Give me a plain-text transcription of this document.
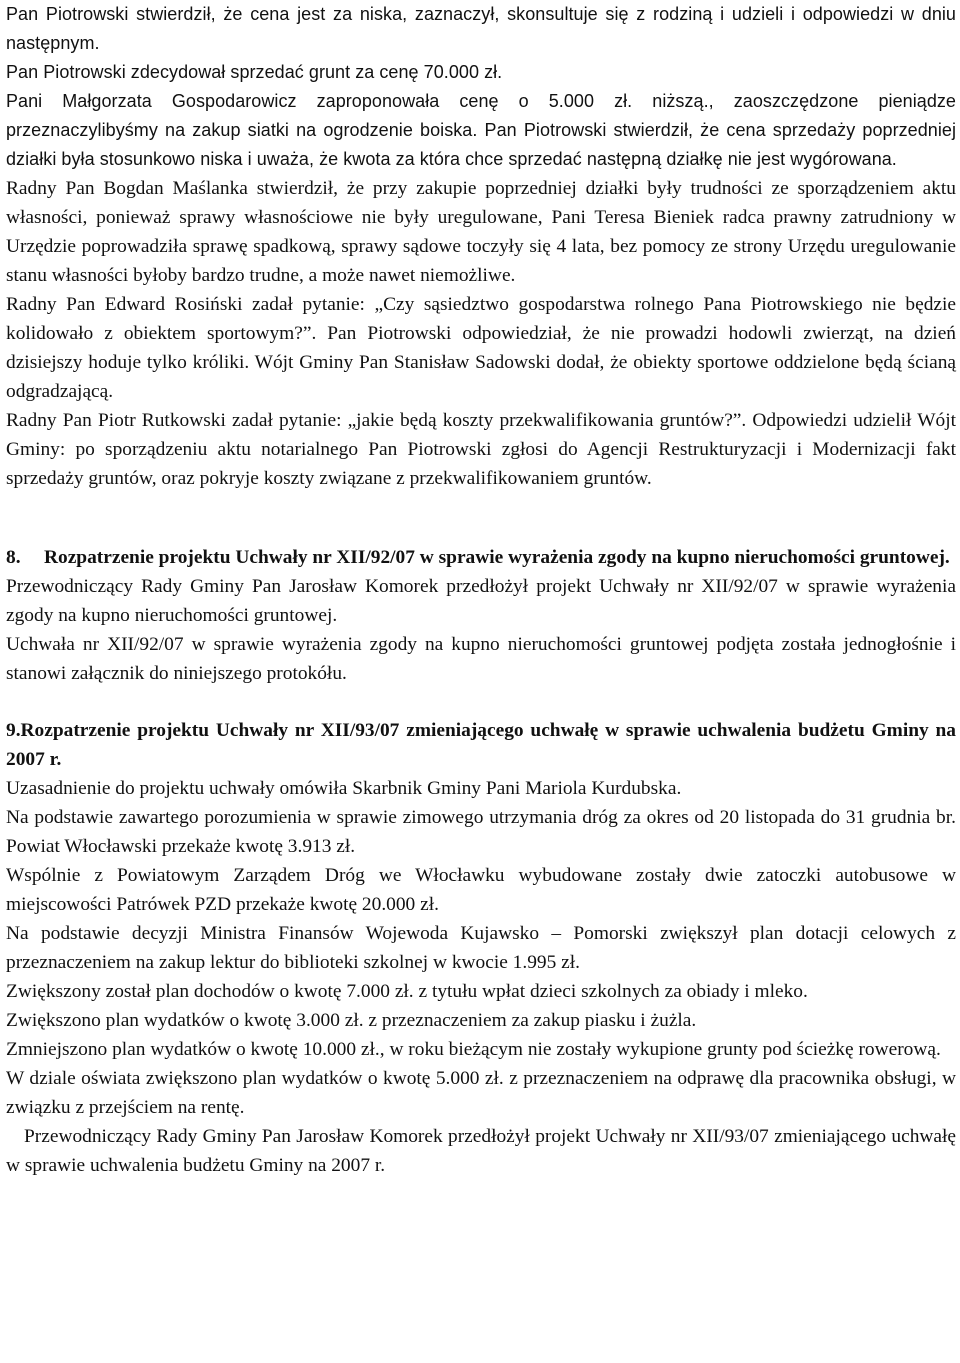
Pan Piotrowski stwierdził, że cena jest za niska, zaznaczył, skonsultuje się z rodziną i udzieli i odpowiedzi w dniu następnym.

Pan Piotrowski zdecydował sprzedać grunt za cenę 70.000 zł.

Pani Małgorzata Gospodarowicz zaproponowała cenę o 5.000 zł. niższą., zaoszczędzone pieniądze przeznaczylibyśmy na zakup siatki na ogrodzenie boiska. Pan Piotrowski stwierdził, że cena sprzedaży poprzedniej działki była stosunkowo niska i uważa, że kwota za która chce sprzedać następną działkę nie jest wygórowana.

Radny Pan Bogdan Maślanka stwierdził, że przy zakupie poprzedniej działki były trudności ze sporządzeniem aktu własności, ponieważ sprawy własnościowe nie były uregulowane, Pani Teresa Bieniek radca prawny zatrudniony w Urzędzie poprowadziła sprawę spadkową, sprawy sądowe toczyły się 4 lata, bez pomocy ze strony Urzędu uregulowanie stanu własności byłoby bardzo trudne, a może nawet niemożliwe.

Radny Pan Edward Rosiński zadał pytanie: „Czy sąsiedztwo gospodarstwa rolnego Pana Piotrowskiego nie będzie kolidowało z obiektem sportowym?”. Pan Piotrowski odpowiedział, że nie prowadzi hodowli zwierząt, na dzień dzisiejszy hoduje tylko króliki. Wójt Gminy Pan Stanisław Sadowski dodał, że obiekty sportowe oddzielone będą ścianą odgradzającą.

Radny Pan Piotr Rutkowski zadał pytanie: „jakie będą koszty przekwalifikowania gruntów?”. Odpowiedzi udzielił Wójt Gminy: po sporządzeniu aktu notarialnego Pan Piotrowski zgłosi do Agencji Restrukturyzacji i Modernizacji fakt sprzedaży gruntów, oraz pokryje koszty związane z przekwalifikowaniem gruntów.

8.	Rozpatrzenie projektu Uchwały nr XII/92/07 w sprawie wyrażenia zgody na kupno nieruchomości gruntowej.

Przewodniczący Rady Gminy Pan Jarosław Komorek przedłożył projekt Uchwały nr XII/92/07 w sprawie wyrażenia zgody na kupno nieruchomości gruntowej.

Uchwała nr XII/92/07 w sprawie wyrażenia zgody na kupno nieruchomości gruntowej podjęta została jednogłośnie i stanowi załącznik do niniejszego protokółu.

9.Rozpatrzenie projektu Uchwały nr XII/93/07 zmieniającego uchwałę w sprawie uchwalenia budżetu Gminy na 2007 r.

Uzasadnienie do projektu uchwały omówiła Skarbnik Gminy Pani Mariola Kurdubska.

Na podstawie zawartego porozumienia w sprawie zimowego utrzymania dróg za okres od 20 listopada do 31 grudnia br. Powiat Włocławski przekaże kwotę 3.913 zł.

Wspólnie z Powiatowym Zarządem Dróg we Włocławku wybudowane zostały dwie zatoczki autobusowe w miejscowości Patrówek PZD przekaże kwotę 20.000 zł.

Na podstawie decyzji Ministra Finansów Wojewoda Kujawsko – Pomorski zwiększył plan dotacji celowych z przeznaczeniem na zakup lektur do biblioteki szkolnej w kwocie 1.995 zł.

Zwiększony został plan dochodów o kwotę 7.000 zł. z tytułu wpłat dzieci szkolnych za obiady i mleko.

Zwiększono plan wydatków o kwotę 3.000 zł. z przeznaczeniem za zakup piasku i żużla.

Zmniejszono plan wydatków o kwotę 10.000 zł., w roku bieżącym nie zostały wykupione grunty pod ścieżkę rowerową.

W dziale oświata zwiększono plan wydatków o kwotę 5.000 zł. z przeznaczeniem na odprawę dla pracownika obsługi, w związku z przejściem na rentę.

Przewodniczący Rady Gminy Pan Jarosław Komorek przedłożył projekt Uchwały nr XII/93/07 zmieniającego uchwałę w sprawie uchwalenia budżetu Gminy na 2007 r.
